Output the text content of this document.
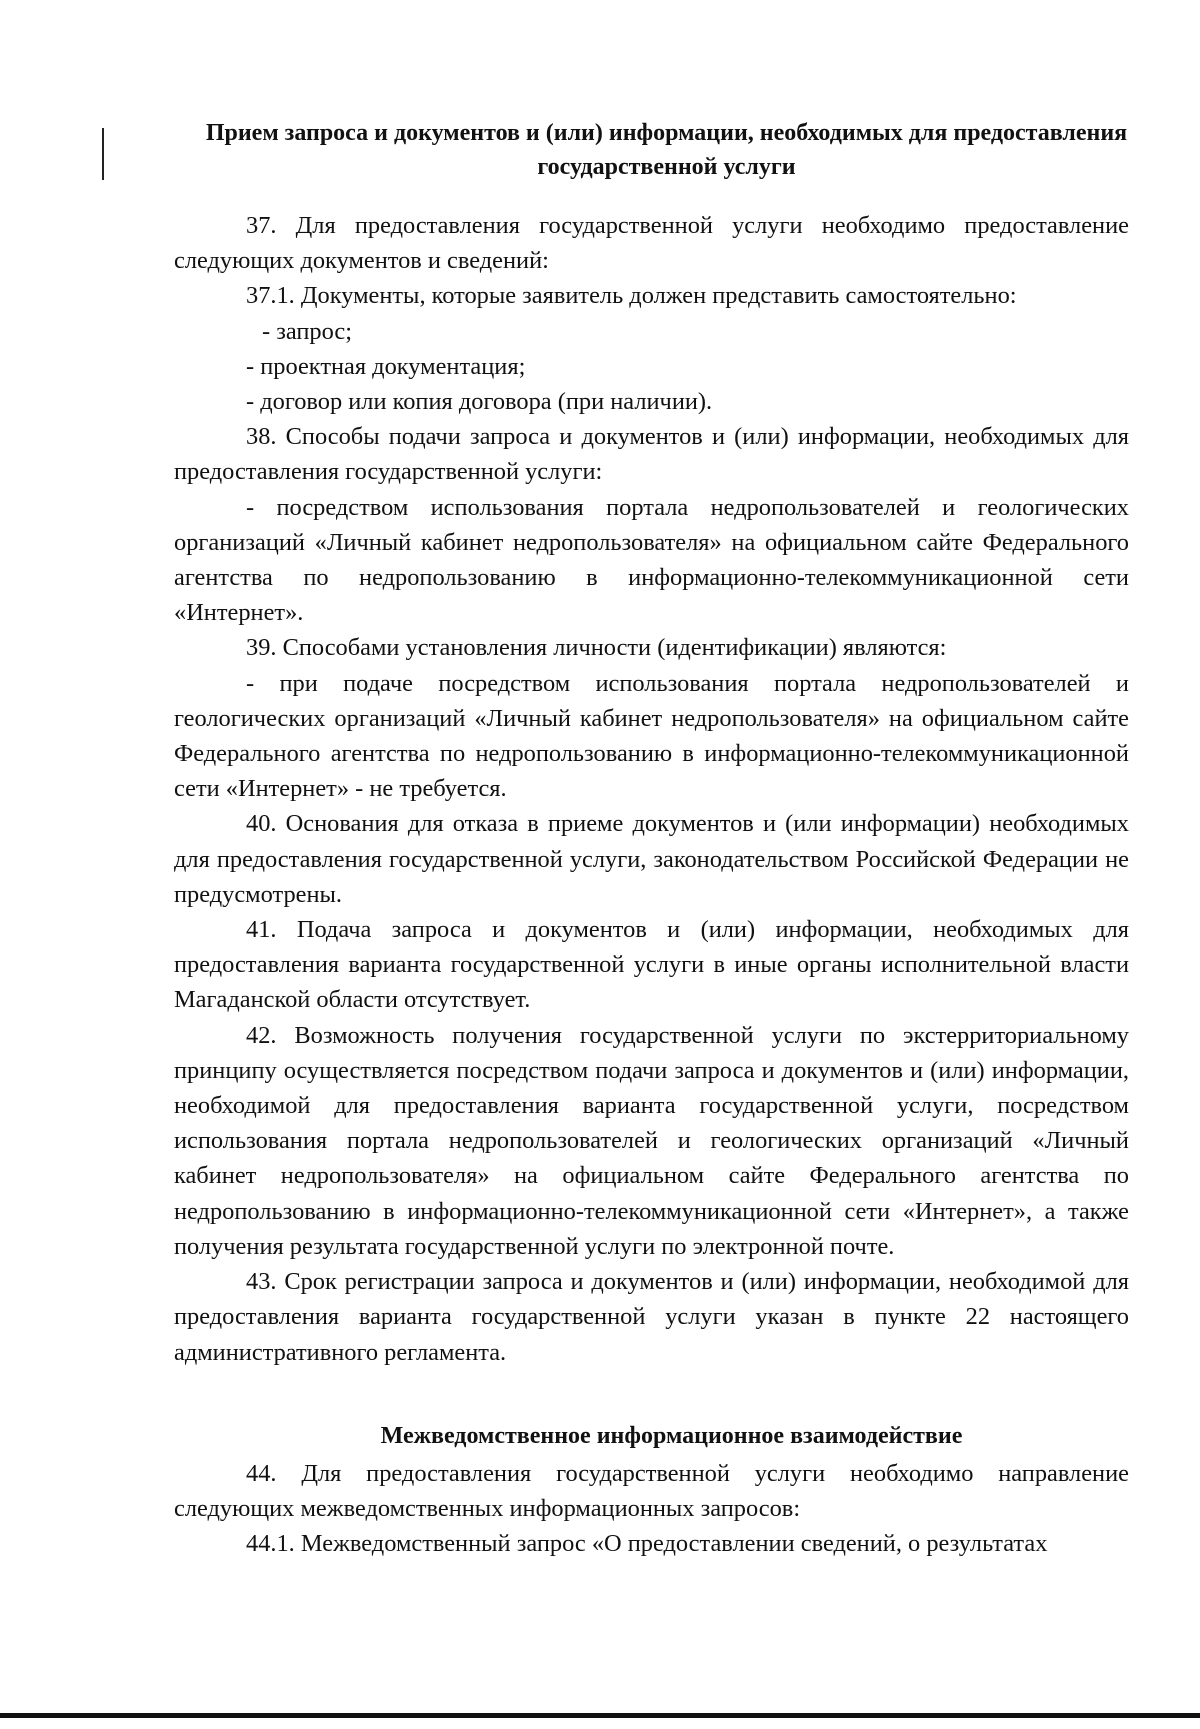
Прием запроса и документов и (или) информации, необходимых для предоставления государственной услуги

37. Для предоставления государственной услуги необходимо предоставление следующих документов и сведений:

37.1. Документы, которые заявитель должен представить самостоятельно:

- запрос;

- проектная документация;

- договор или копия договора (при наличии).

38. Способы подачи запроса и документов и (или) информации, необходимых для предоставления государственной услуги:

- посредством использования портала недропользователей и геологических организаций «Личный кабинет недропользователя» на официальном сайте Федерального агентства по недропользованию в информационно-телекоммуникационной сети «Интернет».

39. Способами установления личности (идентификации) являются:

- при подаче посредством использования портала недропользователей и геологических организаций «Личный кабинет недропользователя» на официальном сайте Федерального агентства по недропользованию в информационно-телекоммуникационной сети «Интернет» - не требуется.

40. Основания для отказа в приеме документов и (или информации) необходимых для предоставления государственной услуги, законодательством Российской Федерации не предусмотрены.

41. Подача запроса и документов и (или) информации, необходимых для предоставления варианта государственной услуги в иные органы исполнительной власти Магаданской области отсутствует.

42. Возможность получения государственной услуги по экстерриториальному принципу осуществляется посредством подачи запроса и документов и (или) информации, необходимой для предоставления варианта государственной услуги, посредством использования портала недропользователей и геологических организаций «Личный кабинет недропользователя» на официальном сайте Федерального агентства по недропользованию в информационно-телекоммуникационной сети «Интернет», а также получения результата государственной услуги по электронной почте.

43. Срок регистрации запроса и документов и (или) информации, необходимой для предоставления варианта государственной услуги указан в пункте 22 настоящего административного регламента.

Межведомственное информационное взаимодействие

44. Для предоставления государственной услуги необходимо направление следующих межведомственных информационных запросов:

44.1. Межведомственный запрос «О предоставлении сведений, о результатах
